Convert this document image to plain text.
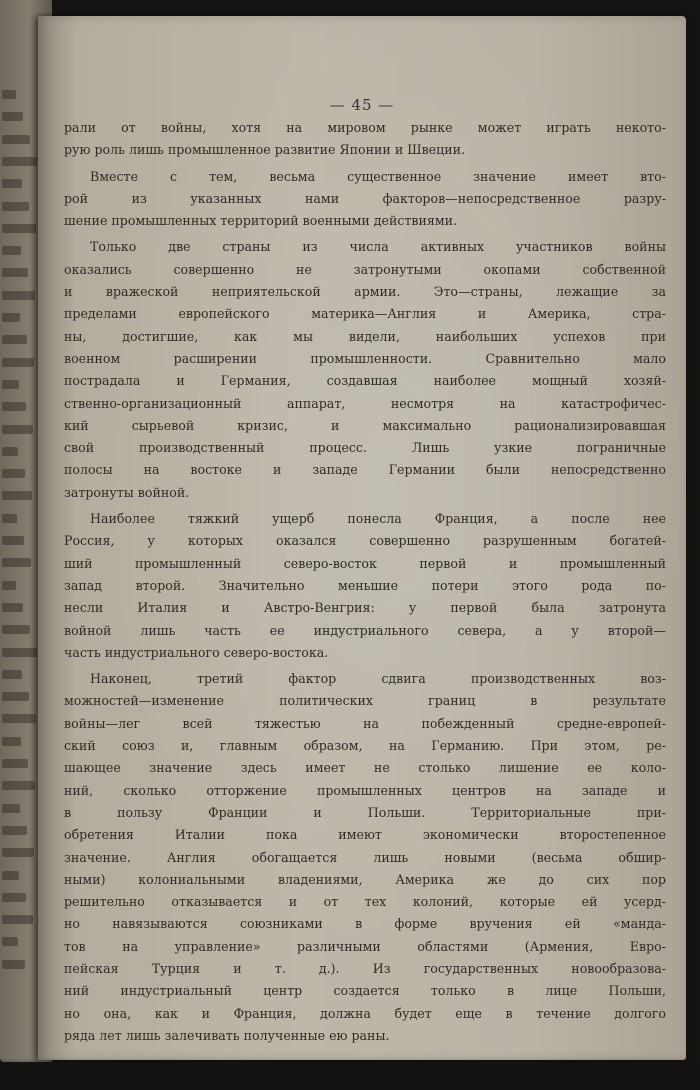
— 45 —
рали от войны, хотя на мировом рынке может играть некото-
рую роль лишь промышленное развитие Японии и Швеции.
Вместе с тем, весьма существенное значение имеет вто-
рой из указанных нами факторов—непосредственное разру-
шение промышленных территорий военными действиями.
Только две страны из числа активных участников войны
оказались совершенно не затронутыми окопами собственной
и вражеской неприятельской армии. Это—страны, лежащие за
пределами европейского материка—Англия и Америка, стра-
ны, достигшие, как мы видели, наибольших успехов при
военном расширении промышленности. Сравнительно мало
пострадала и Германия, создавшая наиболее мощный хозяй-
ственно-организационный аппарат, несмотря на катастрофичес-
кий сырьевой кризис, и максимально рационализировавшая
свой производственный процесс. Лишь узкие пограничные
полосы на востоке и западе Германии были непосредственно
затронуты войной.
Наиболее тяжкий ущерб понесла Франция, а после нее
Россия, у которых оказался совершенно разрушенным богатей-
ший промышленный северо-восток первой и промышленный
запад второй. Значительно меньшие потери этого рода по-
несли Италия и Австро-Венгрия: у первой была затронута
войной лишь часть ее индустриального севера, а у второй—
часть индустриального северо-востока.
Наконец, третий фактор сдвига производственных воз-
можностей—изменение политических границ в результате
войны—лег всей тяжестью на побежденный средне-европей-
ский союз и, главным образом, на Германию. При этом, ре-
шающее значение здесь имеет не столько лишение ее коло-
ний, сколько отторжение промышленных центров на западе и
в пользу Франции и Польши. Территориальные при-
обретения Италии пока имеют экономически второстепенное
значение. Англия обогащается лишь новыми (весьма обшир-
ными) колониальными владениями, Америка же до сих пор
решительно отказывается и от тех колоний, которые ей усерд-
но навязываются союзниками в форме вручения ей «манда-
тов на управление» различными областями (Армения, Евро-
пейская Турция и т. д.). Из государственных новообразова-
ний индустриальный центр создается только в лице Польши,
но она, как и Франция, должна будет еще в течение долгого
ряда лет лишь залечивать полученные ею раны.
